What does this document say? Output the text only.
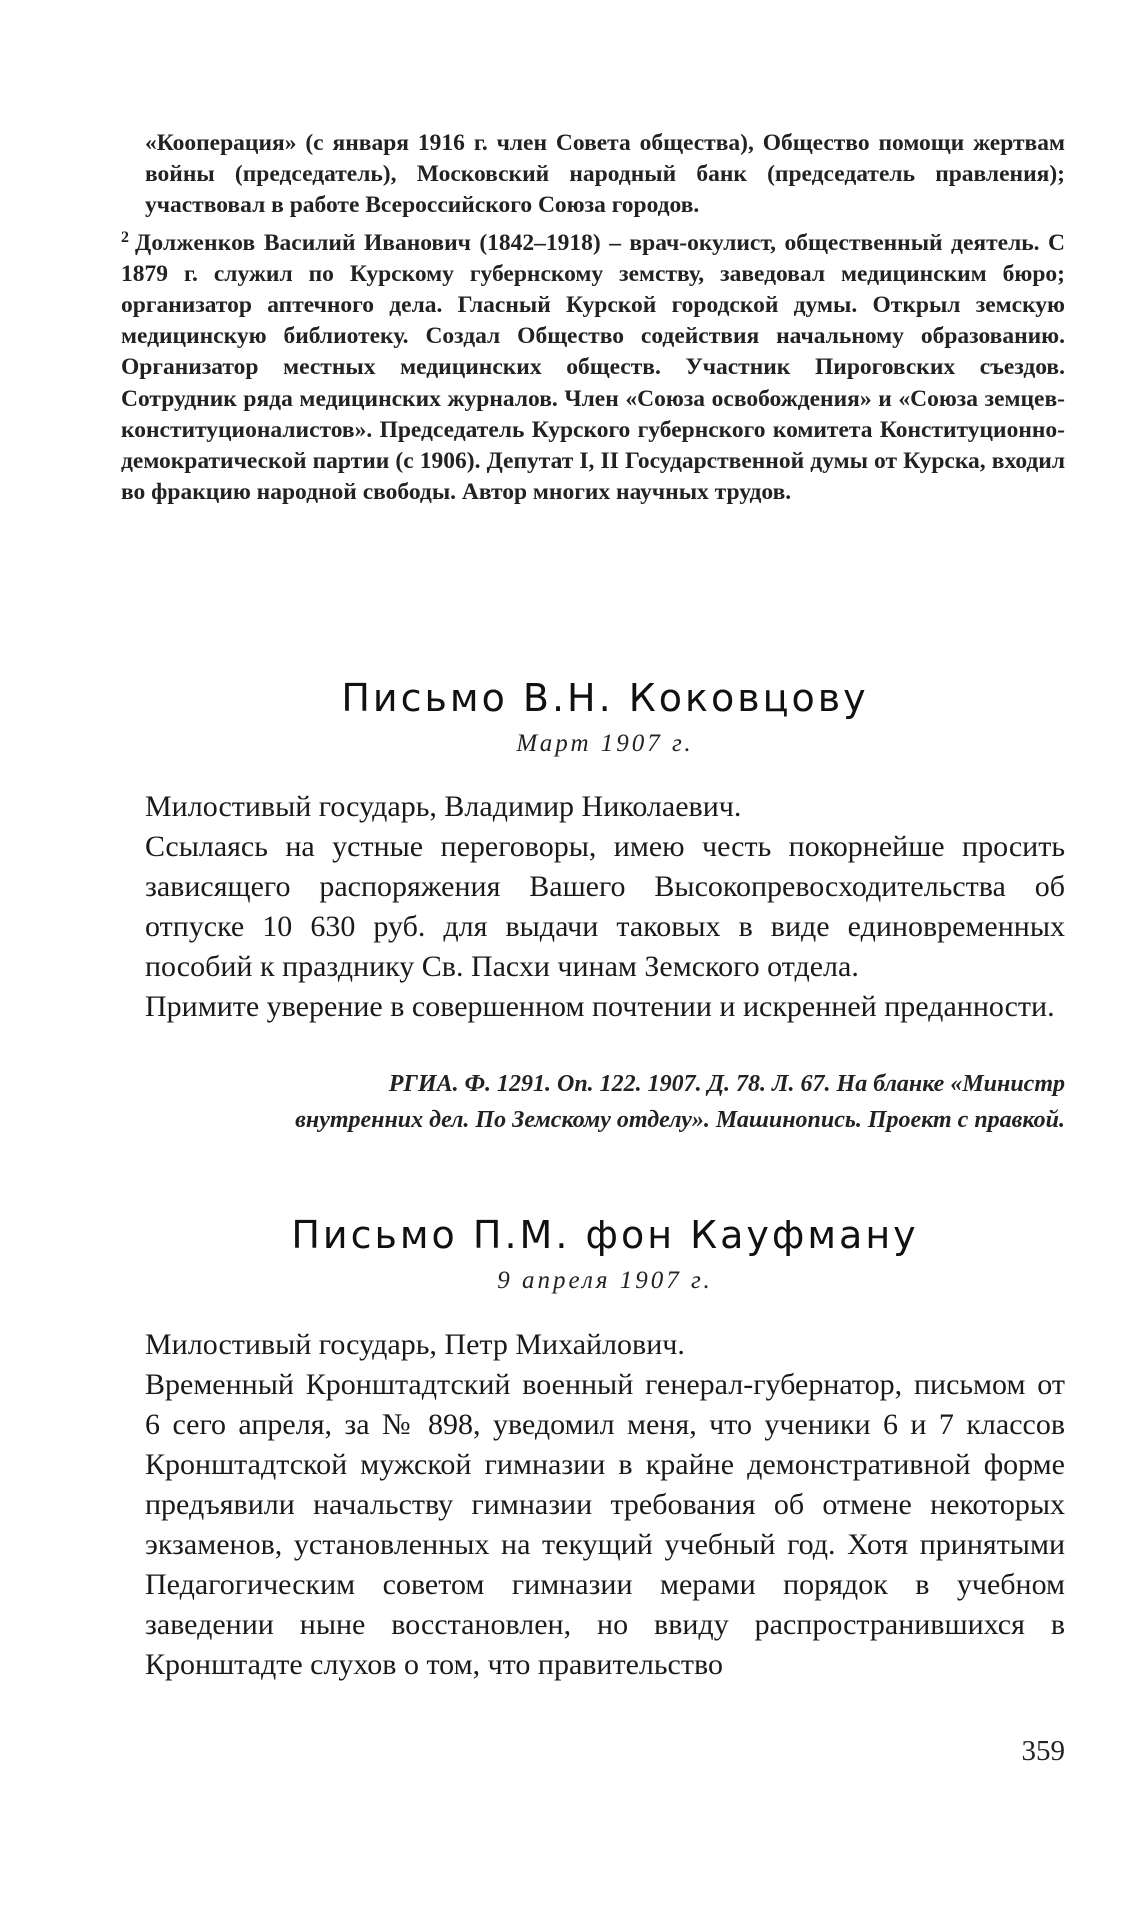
«Кооперация» (с января 1916 г. член Совета общества), Общество помощи жертвам войны (председатель), Московский народный банк (председатель правления); участвовал в работе Всероссийского Союза городов.

$^2$ Долженков Василий Иванович (1842–1918) – врач-окулист, общественный деятель. С 1879 г. служил по Курскому губернскому земству, заведовал медицинским бюро; организатор аптечного дела. Гласный Курской городской думы. Открыл земскую медицинскую библиотеку. Создал Общество содействия начальному образованию. Организатор местных медицинских обществ. Участник Пироговских съездов. Сотрудник ряда медицинских журналов. Член «Союза освобождения» и «Союза земцев-конституционалистов». Председатель Курского губернского комитета Конституционно-демократической партии (с 1906). Депутат I, II Государственной думы от Курска, входил во фракцию народной свободы. Автор многих научных трудов.

Письмо В.Н. Коковцову

Март 1907 г.

Милостивый государь, Владимир Николаевич.

Ссылаясь на устные переговоры, имею честь покорнейше просить зависящего распоряжения Вашего Высокопревосходительства об отпуске 10 630 руб. для выдачи таковых в виде единовременных пособий к празднику Св. Пасхи чинам Земского отдела.

Примите уверение в совершенном почтении и искренней преданности.

РГИА. Ф. 1291. Оп. 122. 1907. Д. 78. Л. 67. На бланке «Министр

внутренних дел. По Земскому отделу». Машинопись. Проект с правкой.

Письмо П.М. фон Кауфману

9 апреля 1907 г.

Милостивый государь, Петр Михайлович.

Временный Кронштадтский военный генерал-губернатор, письмом от 6 сего апреля, за № 898, уведомил меня, что ученики 6 и 7 классов Кронштадтской мужской гимназии в крайне демонстративной форме предъявили начальству гимназии требования об отмене некоторых экзаменов, установленных на текущий учебный год. Хотя принятыми Педагогическим советом гимназии мерами порядок в учебном заведении ныне восстановлен, но ввиду распространившихся в Кронштадте слухов о том, что правительство

359
